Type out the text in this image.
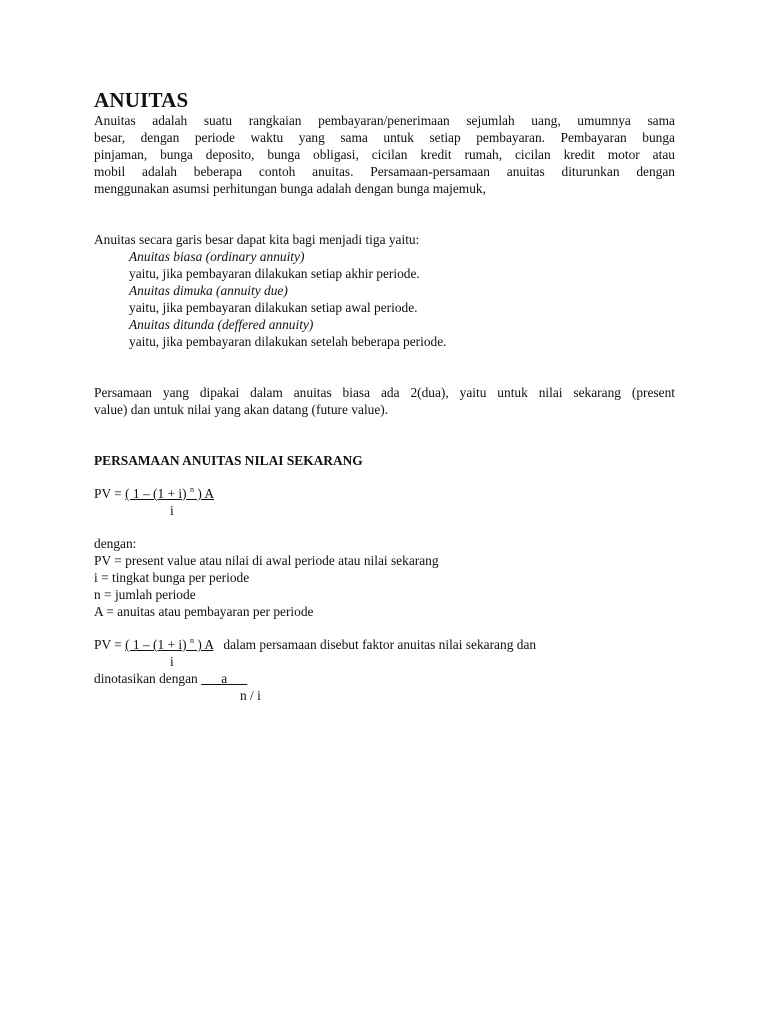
ANUITAS

Anuitas adalah suatu rangkaian pembayaran/penerimaan sejumlah uang, umumnya sama
besar, dengan periode waktu yang sama untuk setiap pembayaran. Pembayaran bunga
pinjaman, bunga deposito, bunga obligasi, cicilan kredit rumah, cicilan kredit motor atau
mobil adalah beberapa contoh anuitas. Persamaan-persamaan anuitas diturunkan dengan
menggunakan asumsi perhitungan bunga adalah dengan bunga majemuk,

Anuitas secara garis besar dapat kita bagi menjadi tiga yaitu:
Anuitas biasa (ordinary annuity)
yaitu, jika pembayaran dilakukan setiap akhir periode.
Anuitas dimuka (annuity due)
yaitu, jika pembayaran dilakukan setiap awal periode.
Anuitas ditunda (deffered annuity)
yaitu, jika pembayaran dilakukan setelah beberapa periode.

Persamaan yang dipakai dalam anuitas biasa ada 2(dua), yaitu untuk nilai sekarang (present
value) dan untuk nilai yang akan datang (future value).

PERSAMAAN ANUITAS NILAI SEKARANG

PV = ( 1 – (1 + i) $^n$ ) A
i

dengan:
PV = present value atau nilai di awal periode atau nilai sekarang
i = tingkat bunga per periode
n = jumlah periode
A = anuitas atau pembayaran per periode

PV = ( 1 – (1 + i) $^n$ ) A   dalam persamaan disebut faktor anuitas nilai sekarang dan
i
dinotasikan dengan       a
n / i
